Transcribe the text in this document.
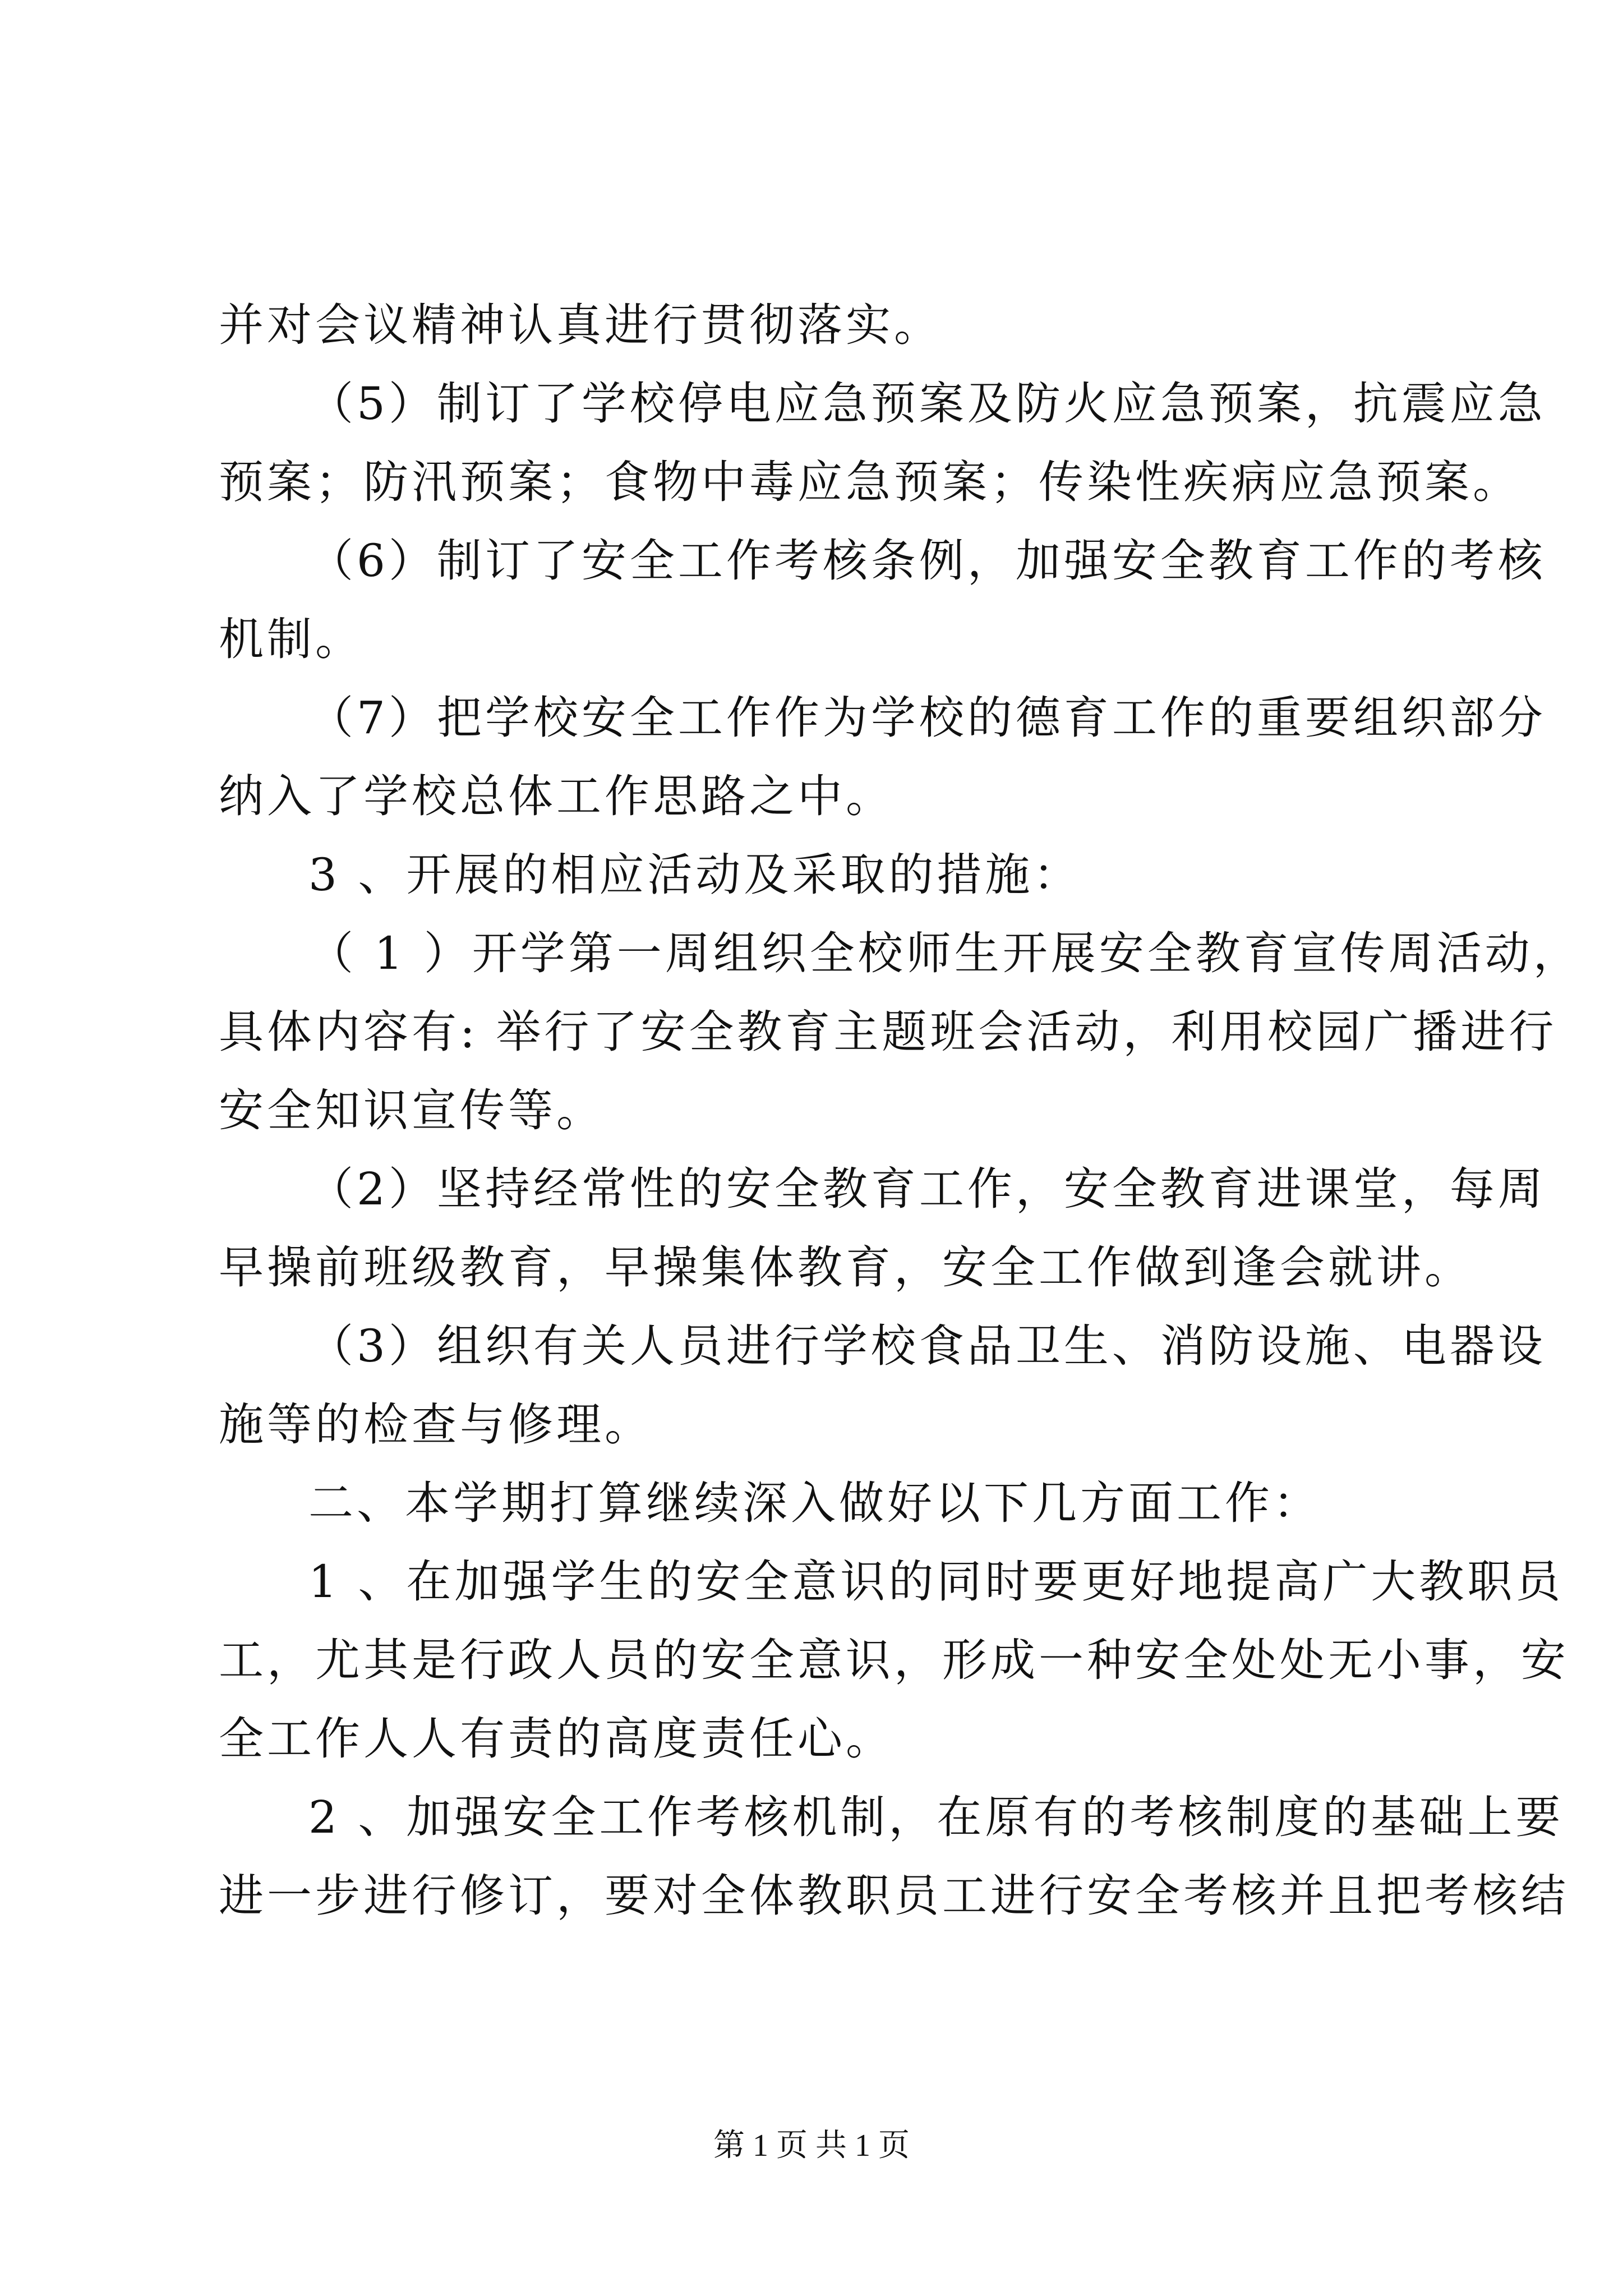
并对会议精神认真进行贯彻落实。
（5）制订了学校停电应急预案及防火应急预案，抗震应急
预案；防汛预案；食物中毒应急预案；传染性疾病应急预案。
（6）制订了安全工作考核条例，加强安全教育工作的考核
机制。
（7）把学校安全工作作为学校的德育工作的重要组织部分
纳入了学校总体工作思路之中。
3 、开展的相应活动及采取的措施：
（ 1 ）开学第一周组织全校师生开展安全教育宣传周活动，
具体内容有: 举行了安全教育主题班会活动，利用校园广播进行
安全知识宣传等。
（2）坚持经常性的安全教育工作，安全教育进课堂，每周
早操前班级教育，早操集体教育，安全工作做到逢会就讲。
（3）组织有关人员进行学校食品卫生、消防设施、电器设
施等的检查与修理。
二、本学期打算继续深入做好以下几方面工作：
1 、在加强学生的安全意识的同时要更好地提高广大教职员
工，尤其是行政人员的安全意识，形成一种安全处处无小事，安
全工作人人有责的高度责任心。
2 、加强安全工作考核机制，在原有的考核制度的基础上要
进一步进行修订，要对全体教职员工进行安全考核并且把考核结
第 1 页 共 1 页
